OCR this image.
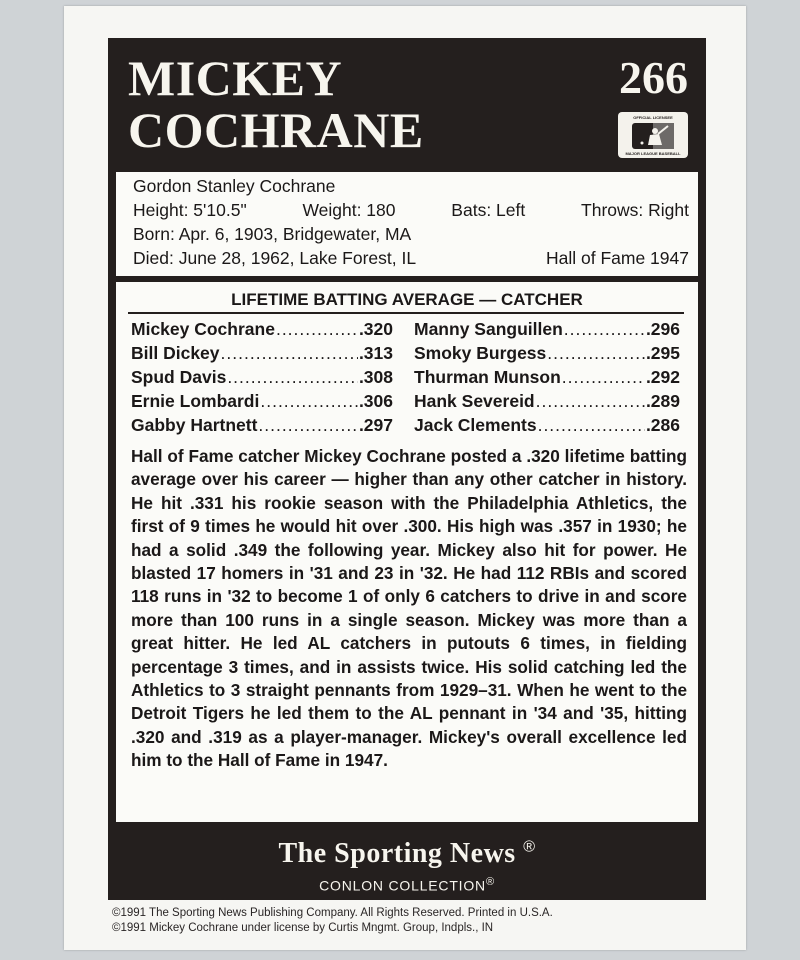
MICKEY
COCHRANE
266
OFFICIAL LICENSEE
MAJOR LEAGUE BASEBALL
Gordon Stanley Cochrane
Height: 5'10.5"	Weight: 180	Bats: Left	Throws: Right
Born: Apr. 6, 1903, Bridgewater, MA
Died: June 28, 1962, Lake Forest, IL	Hall of Fame 1947
LIFETIME BATTING AVERAGE — CATCHER
Mickey Cochrane .....	.320
Bill Dickey .....	.313
Spud Davis .....	.308
Ernie Lombardi .....	.306
Gabby Hartnett .....	.297
Manny Sanguillen .....	.296
Smoky Burgess .....	.295
Thurman Munson .....	.292
Hank Severeid .....	.289
Jack Clements .....	.286
Hall of Fame catcher Mickey Cochrane posted a .320 lifetime batting average over his career — higher than any other catcher in history. He hit .331 his rookie season with the Philadelphia Athletics, the first of 9 times he would hit over .300. His high was .357 in 1930; he had a solid .349 the following year. Mickey also hit for power. He blasted 17 homers in '31 and 23 in '32. He had 112 RBIs and scored 118 runs in '32 to become 1 of only 6 catchers to drive in and score more than 100 runs in a single season. Mickey was more than a great hitter. He led AL catchers in putouts 6 times, in fielding percentage 3 times, and in assists twice. His solid catching led the Athletics to 3 straight pennants from 1929–31. When he went to the Detroit Tigers he led them to the AL pennant in '34 and '35, hitting .320 and .319 as a player-manager. Mickey's overall excellence led him to the Hall of Fame in 1947.
The Sporting News ®
CONLON COLLECTION®
©1991 The Sporting News Publishing Company. All Rights Reserved. Printed in U.S.A.
©1991 Mickey Cochrane under license by Curtis Mngmt. Group, Indpls., IN
